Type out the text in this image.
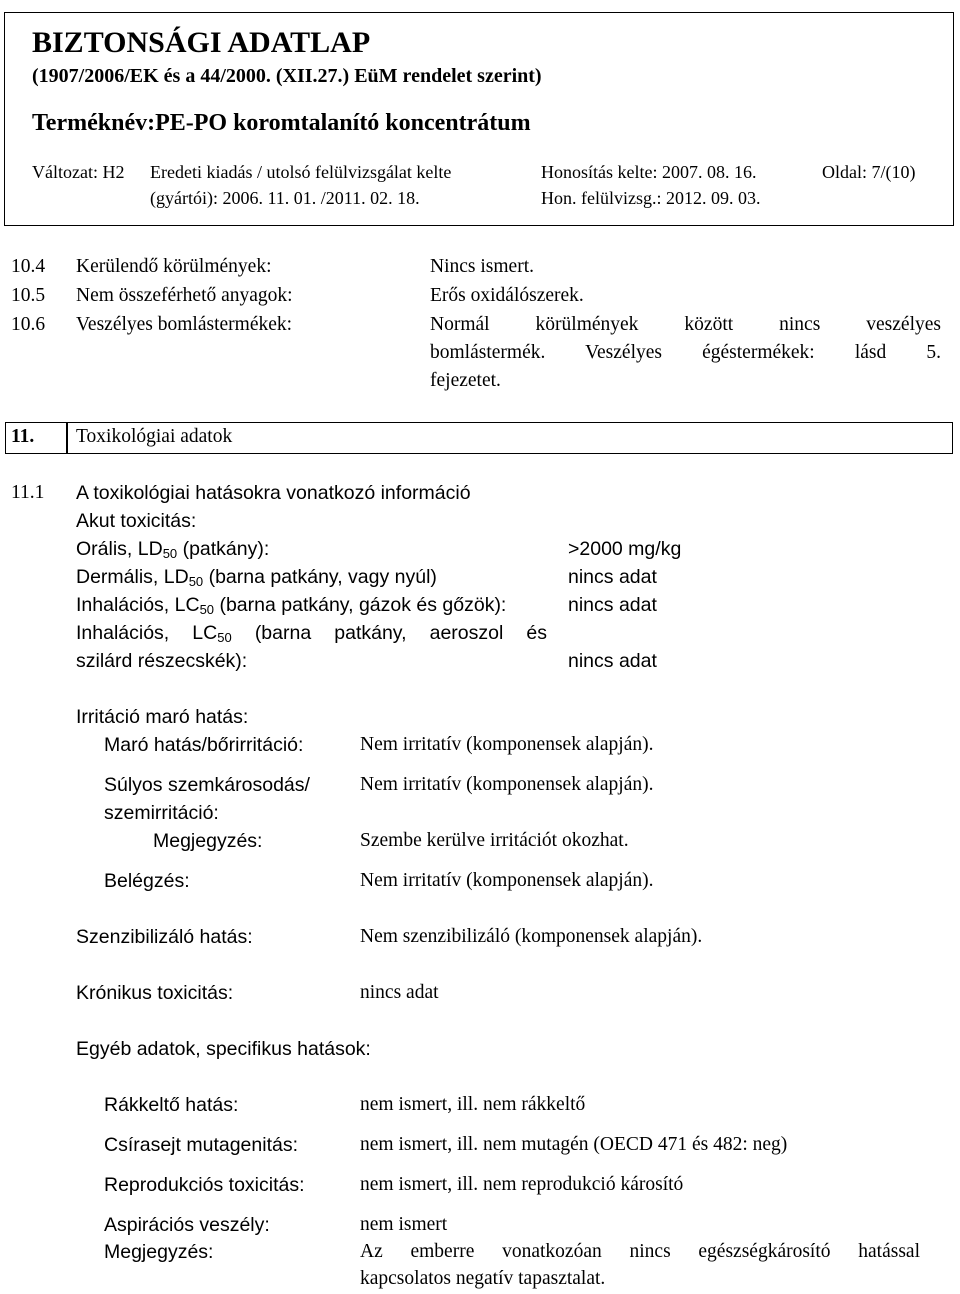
BIZTONSÁGI ADATLAP
(1907/2006/EK és a 44/2000. (XII.27.) EüM rendelet szerint)
Terméknév:PE-PO koromtalanító koncentrátum
Változat: H2 Eredeti kiadás / utolsó felülvizsgálat kelte
(gyártói): 2006. 11. 01. /2011. 02. 18.
Honosítás kelte: 2007. 08. 16.
Hon. felülvizsg.: 2012. 09. 03.
Oldal: 7/(10)
10.4 Kerülendő körülmények:	Nincs ismert.
10.5 Nem összeférhető anyagok:	Erős oxidálószerek.
10.6 Veszélyes bomlástermékek:	Normál körülmények között nincs veszélyes
bomlástermék. Veszélyes égéstermékek: lásd 5.
fejezetet.
11. Toxikológiai adatok
11.1 A toxikológiai hatásokra vonatkozó információ
Akut toxicitás:
Orális, $LD_{50}$ (patkány):	>2000 mg/kg
Dermális, $LD_{50}$ (barna patkány, vagy nyúl)	nincs adat
Inhalációs, $LC_{50}$ (barna patkány, gázok és gőzök):	nincs adat
Inhalációs, $LC_{50}$ (barna patkány, aeroszol és
szilárd részecskék):	nincs adat
Irritáció maró hatás:
Maró hatás/bőrirritáció:	Nem irritatív (komponensek alapján).
Súlyos szemkárosodás/	Nem irritatív (komponensek alapján).
szemirritáció:
Megjegyzés:	Szembe kerülve irritációt okozhat.
Belégzés:	Nem irritatív (komponensek alapján).
Szenzibilizáló hatás:	Nem szenzibilizáló (komponensek alapján).
Krónikus toxicitás:	nincs adat
Egyéb adatok, specifikus hatások:
Rákkeltő hatás:	nem ismert, ill. nem rákkeltő
Csírasejt mutagenitás:	nem ismert, ill. nem mutagén (OECD 471 és 482: neg)
Reprodukciós toxicitás:	nem ismert, ill. nem reprodukció károsító
Aspirációs veszély:	nem ismert
Megjegyzés:	Az emberre vonatkozóan nincs egészségkárosító hatással
kapcsolatos negatív tapasztalat.
